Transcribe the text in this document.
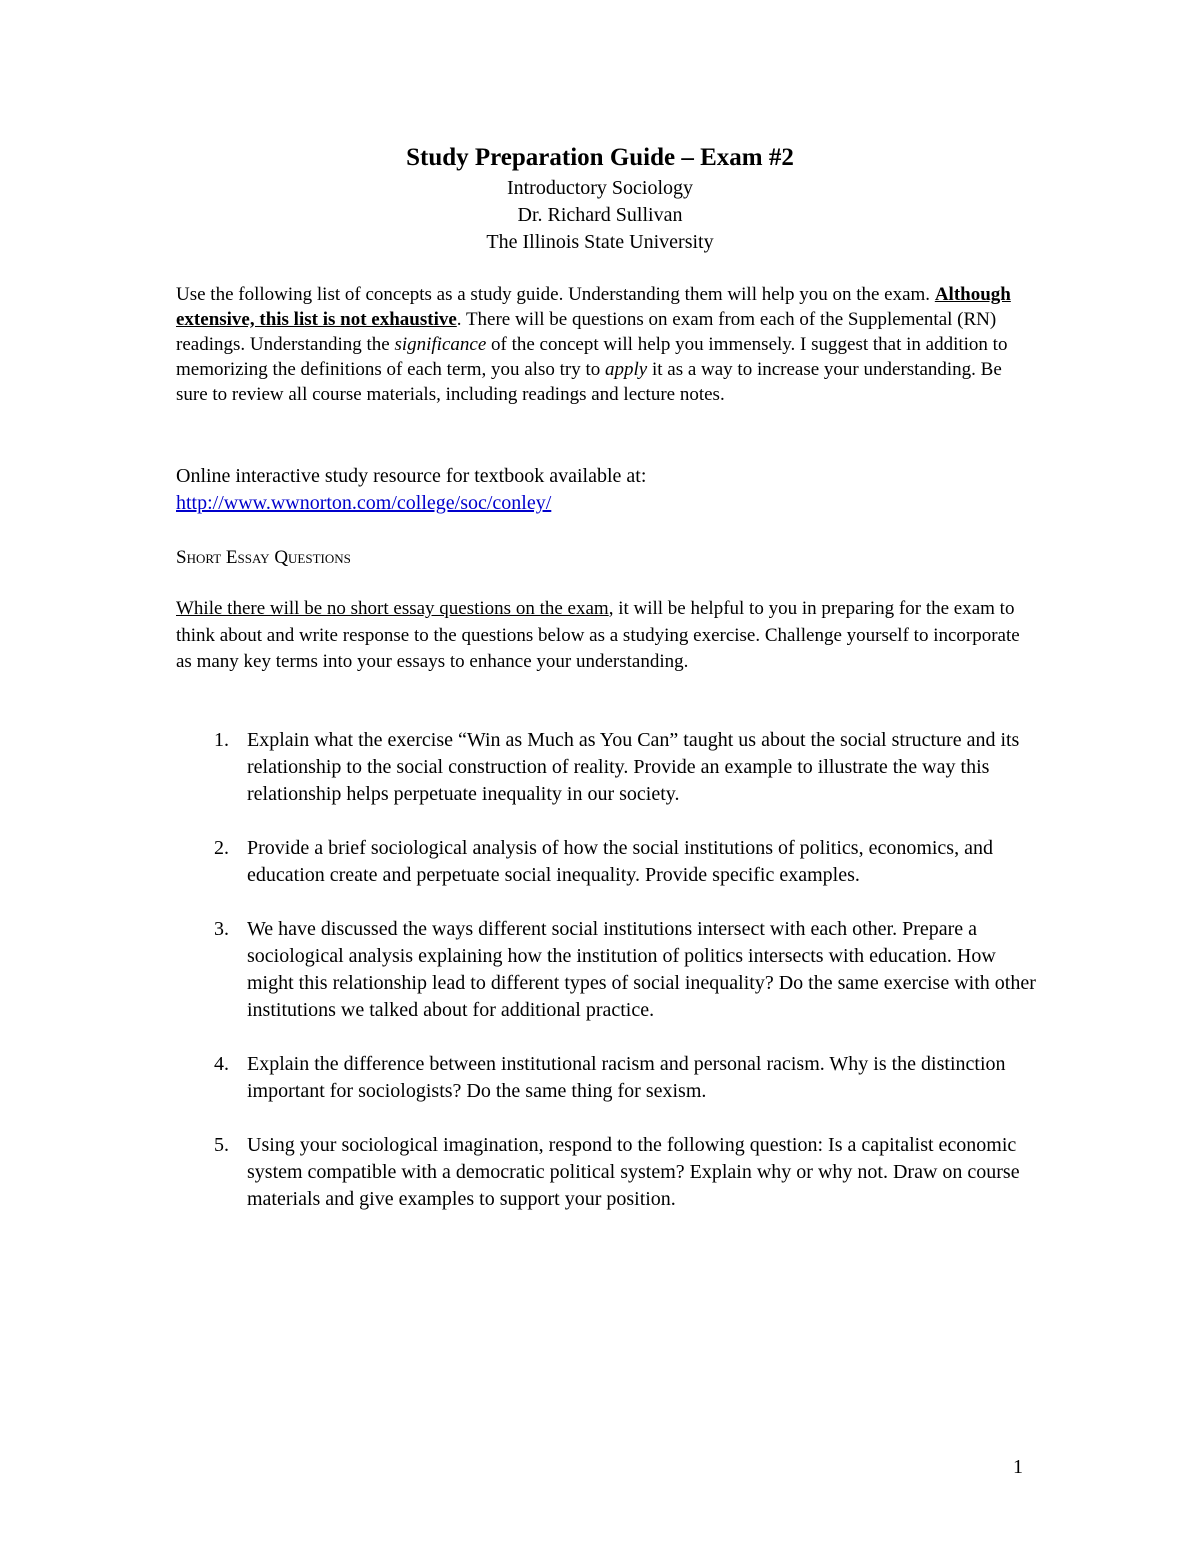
Study Preparation Guide – Exam #2
Introductory Sociology
Dr. Richard Sullivan
The Illinois State University

Use the following list of concepts as a study guide. Understanding them will help you on the exam. Although extensive, this list is not exhaustive. There will be questions on exam from each of the Supplemental (RN) readings. Understanding the significance of the concept will help you immensely. I suggest that in addition to memorizing the definitions of each term, you also try to apply it as a way to increase your understanding. Be sure to review all course materials, including readings and lecture notes.

Online interactive study resource for textbook available at:
http://www.wwnorton.com/college/soc/conley/

Short Essay Questions

While there will be no short essay questions on the exam, it will be helpful to you in preparing for the exam to think about and write response to the questions below as a studying exercise. Challenge yourself to incorporate as many key terms into your essays to enhance your understanding.

1. Explain what the exercise “Win as Much as You Can” taught us about the social structure and its relationship to the social construction of reality. Provide an example to illustrate the way this relationship helps perpetuate inequality in our society.
2. Provide a brief sociological analysis of how the social institutions of politics, economics, and education create and perpetuate social inequality. Provide specific examples.
3. We have discussed the ways different social institutions intersect with each other. Prepare a sociological analysis explaining how the institution of politics intersects with education. How might this relationship lead to different types of social inequality? Do the same exercise with other institutions we talked about for additional practice.
4. Explain the difference between institutional racism and personal racism. Why is the distinction important for sociologists? Do the same thing for sexism.
5. Using your sociological imagination, respond to the following question: Is a capitalist economic system compatible with a democratic political system? Explain why or why not. Draw on course materials and give examples to support your position.
1
